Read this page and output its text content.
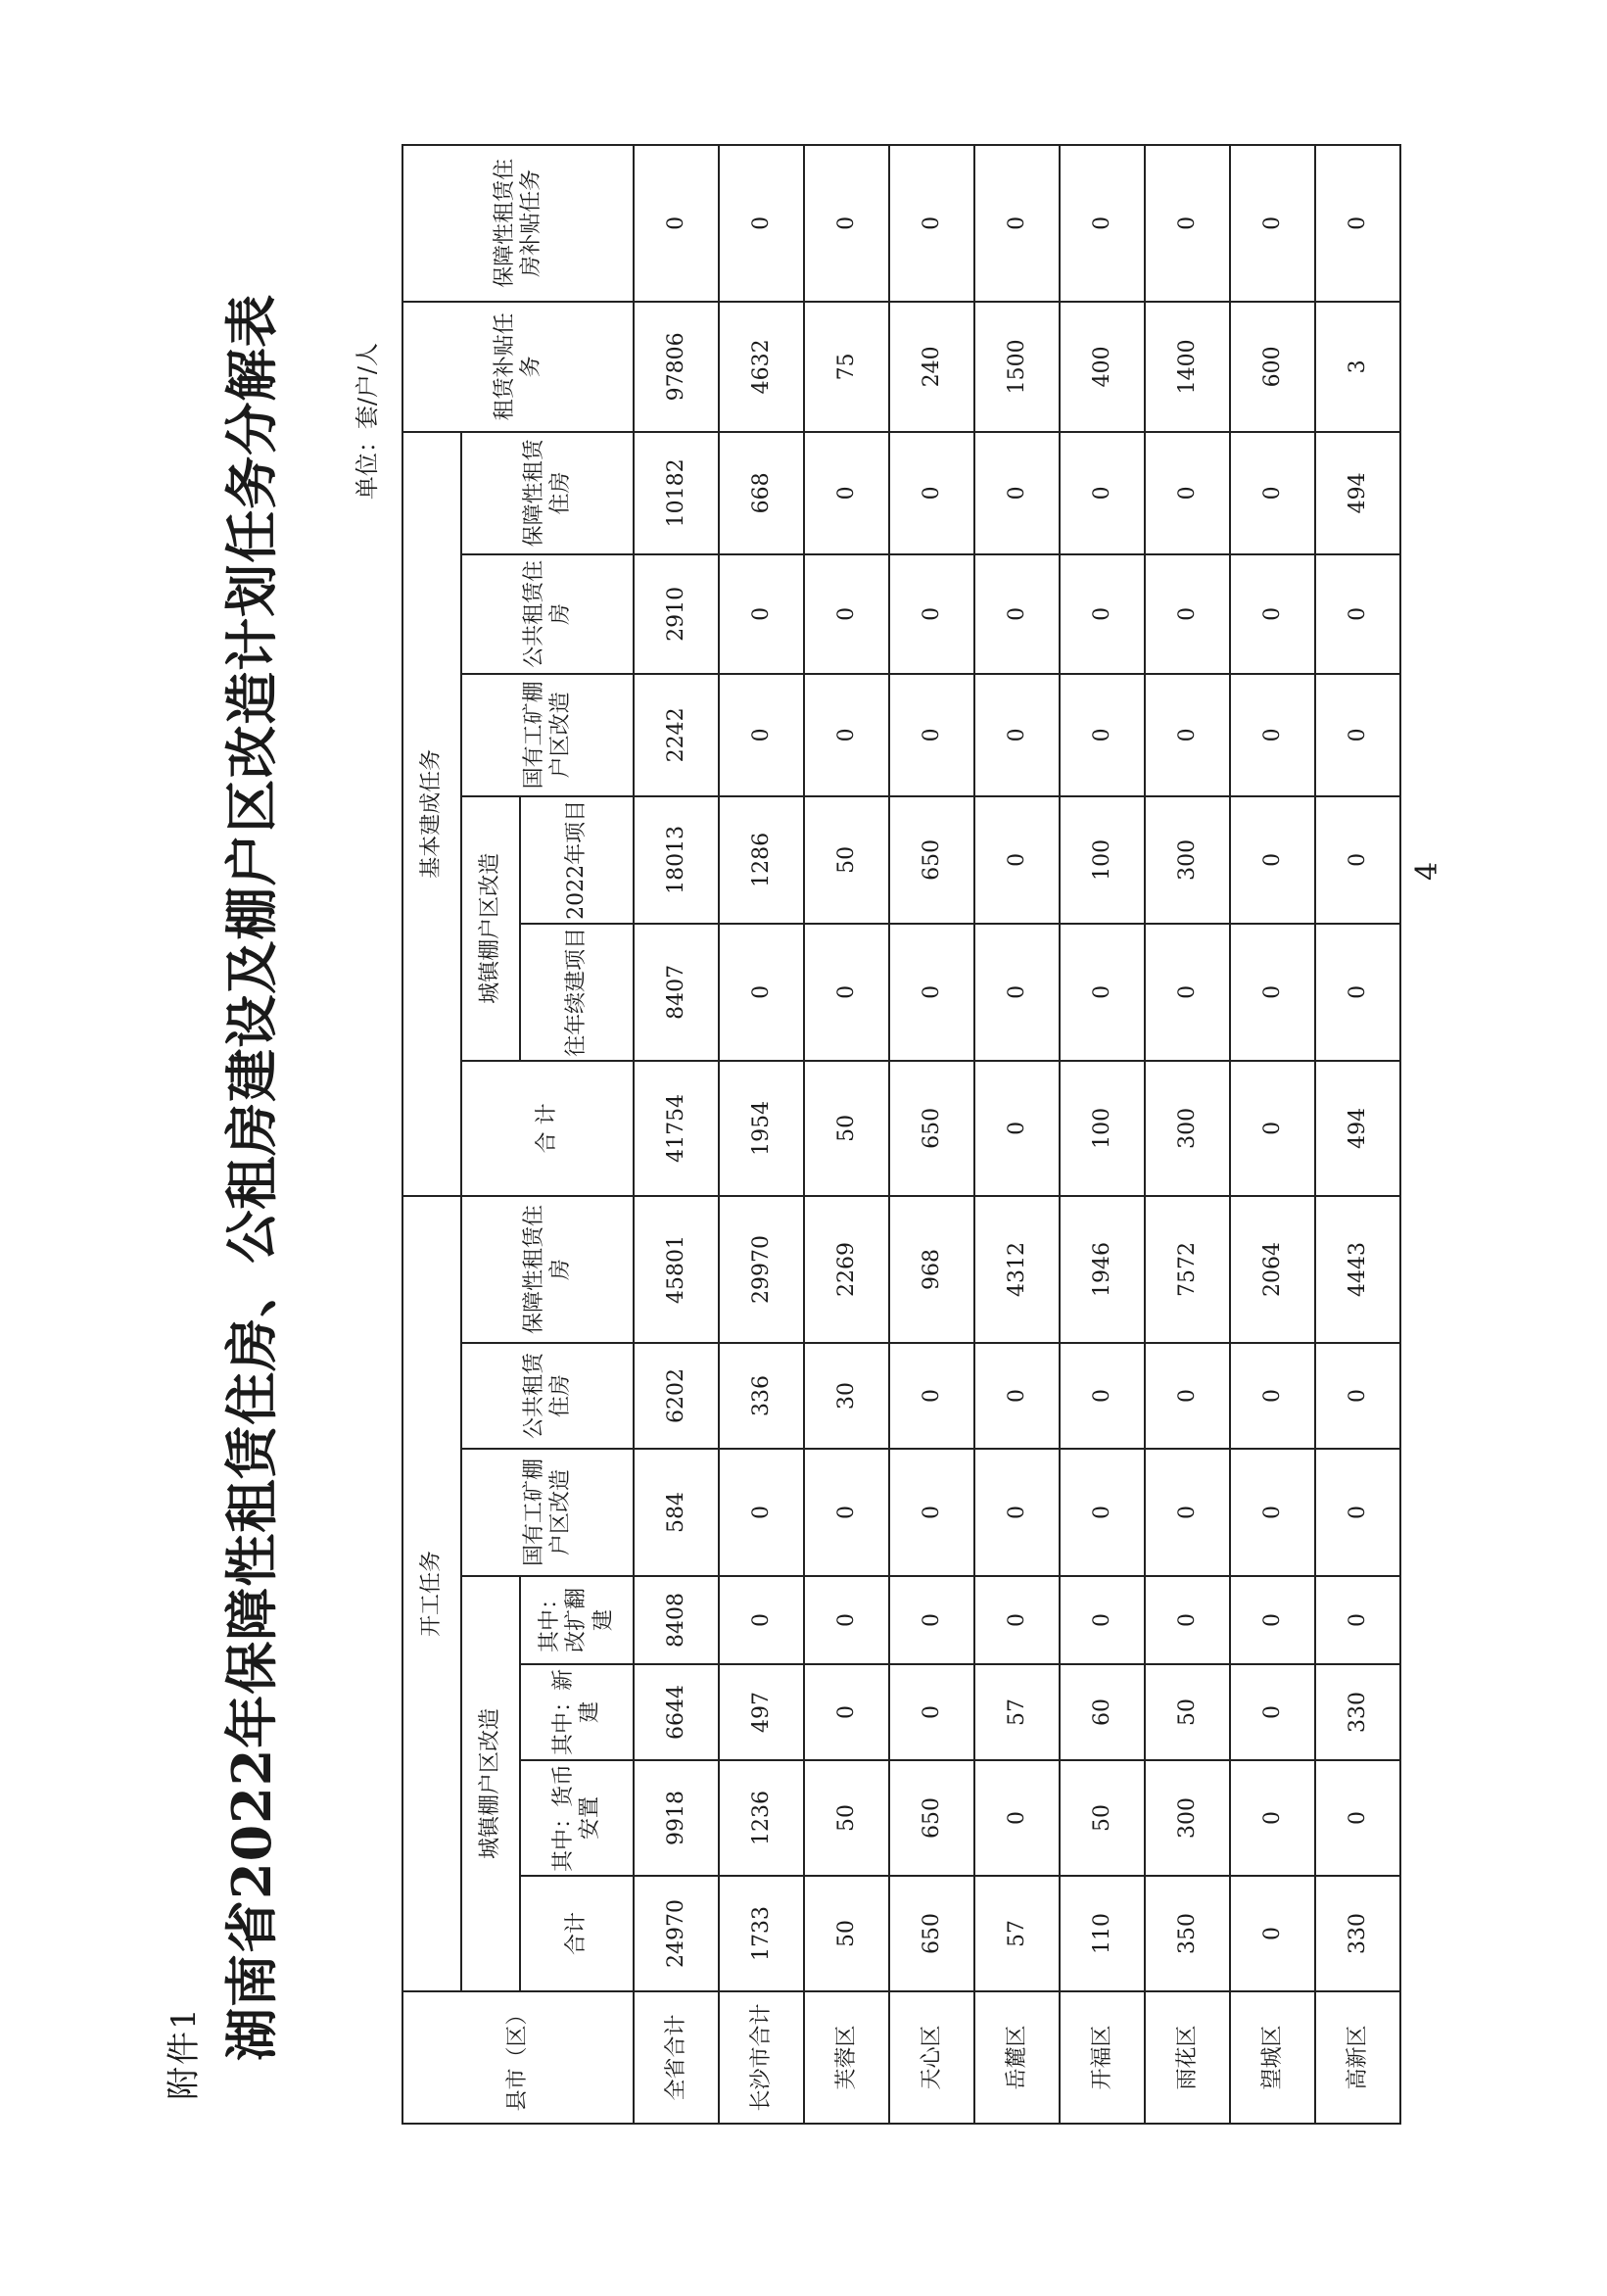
附件1 湖南省2022年保障性租赁住房、公租房建设及棚户区改造计划任务分解表	单位：套/户/人
县市（区）	开工任务							基本建成任务						租赁补贴任务	保障性租赁住房补贴任务
	城镇棚户区改造				国有工矿棚户区改造	公共租赁住房	保障性租赁住房	合 计	城镇棚户区改造		国有工矿棚户区改造	公共租赁住房	保障性租赁住房		
	合计	其中：货币安置	其中：新建	其中：改扩翻建					往年续建项目	2022年项目					
全省合计	24970	9918	6644	8408	584	6202	45801	41754	8407	18013	2242	2910	10182	97806	0
长沙市合计	1733	1236	497	0	0	336	29970	1954	0	1286	0	0	668	4632	0
芙蓉区	50	50	0	0	0	30	2269	50	0	50	0	0	0	75	0
天心区	650	650	0	0	0	0	968	650	0	650	0	0	0	240	0
岳麓区	57	0	57	0	0	0	4312	0	0	0	0	0	0	1500	0
开福区	110	50	60	0	0	0	1946	100	0	100	0	0	0	400	0
雨花区	350	300	50	0	0	0	7572	300	0	300	0	0	0	1400	0
望城区	0	0	0	0	0	0	2064	0	0	0	0	0	0	600	0
高新区	330	0	330	0	0	0	4443	494	0	0	0	0	494	3	0
4
